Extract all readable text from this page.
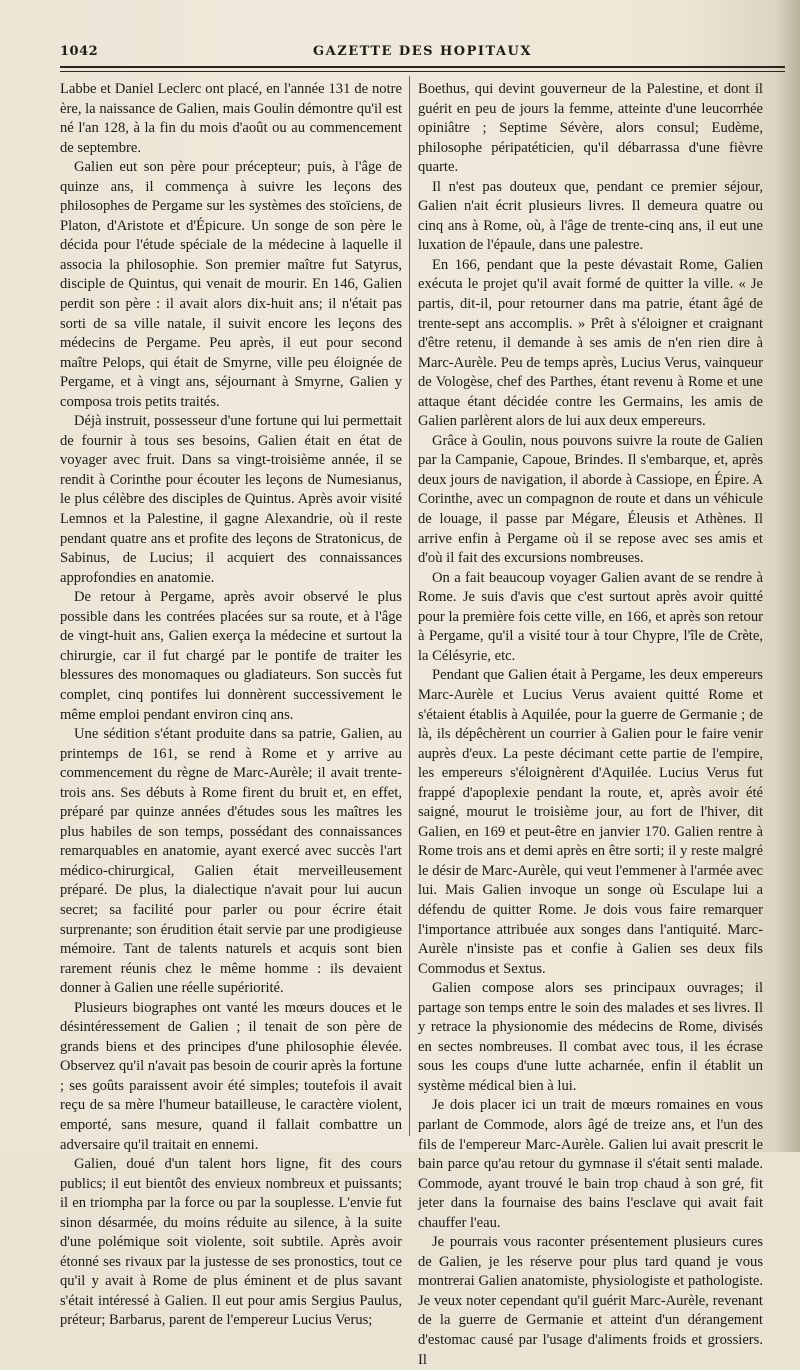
1042	GAZETTE DES HOPITAUX

Labbe et Daniel Leclerc ont placé, en l'année 131 de notre ère, la naissance de Galien, mais Goulin démontre qu'il est né l'an 128, à la fin du mois d'août ou au commencement de septembre.

Galien eut son père pour précepteur; puis, à l'âge de quinze ans, il commença à suivre les leçons des philosophes de Pergame sur les systèmes des stoïciens, de Platon, d'Aristote et d'Épicure. Un songe de son père le décida pour l'étude spéciale de la médecine à laquelle il associa la philosophie. Son premier maître fut Satyrus, disciple de Quintus, qui venait de mourir. En 146, Galien perdit son père : il avait alors dix-huit ans; il n'était pas sorti de sa ville natale, il suivit encore les leçons des médecins de Pergame. Peu après, il eut pour second maître Pelops, qui était de Smyrne, ville peu éloignée de Pergame, et à vingt ans, séjournant à Smyrne, Galien y composa trois petits traités.

Déjà instruit, possesseur d'une fortune qui lui permettait de fournir à tous ses besoins, Galien était en état de voyager avec fruit. Dans sa vingt-troisième année, il se rendit à Corinthe pour écouter les leçons de Numesianus, le plus célèbre des disciples de Quintus. Après avoir visité Lemnos et la Palestine, il gagne Alexandrie, où il reste pendant quatre ans et profite des leçons de Stratonicus, de Sabinus, de Lucius; il acquiert des connaissances approfondies en anatomie.

De retour à Pergame, après avoir observé le plus possible dans les contrées placées sur sa route, et à l'âge de vingt-huit ans, Galien exerça la médecine et surtout la chirurgie, car il fut chargé par le pontife de traiter les blessures des monomaques ou gladiateurs. Son succès fut complet, cinq pontifes lui donnèrent successivement le même emploi pendant environ cinq ans.

Une sédition s'étant produite dans sa patrie, Galien, au printemps de 161, se rend à Rome et y arrive au commencement du règne de Marc-Aurèle; il avait trente-trois ans. Ses débuts à Rome firent du bruit et, en effet, préparé par quinze années d'études sous les maîtres les plus habiles de son temps, possédant des connaissances remarquables en anatomie, ayant exercé avec succès l'art médico-chirurgical, Galien était merveilleusement préparé. De plus, la dialectique n'avait pour lui aucun secret; sa facilité pour parler ou pour écrire était surprenante; son érudition était servie par une prodigieuse mémoire. Tant de talents naturels et acquis sont bien rarement réunis chez le même homme : ils devaient donner à Galien une réelle supériorité.

Plusieurs biographes ont vanté les mœurs douces et le désintéressement de Galien ; il tenait de son père de grands biens et des principes d'une philosophie élevée. Observez qu'il n'avait pas besoin de courir après la fortune ; ses goûts paraissent avoir été simples; toutefois il avait reçu de sa mère l'humeur batailleuse, le caractère violent, emporté, sans mesure, quand il fallait combattre un adversaire qu'il traitait en ennemi.

Galien, doué d'un talent hors ligne, fit des cours publics; il eut bientôt des envieux nombreux et puissants; il en triompha par la force ou par la souplesse. L'envie fut sinon désarmée, du moins réduite au silence, à la suite d'une polémique soit violente, soit subtile. Après avoir étonné ses rivaux par la justesse de ses pronostics, tout ce qu'il y avait à Rome de plus éminent et de plus savant s'était intéressé à Galien. Il eut pour amis Sergius Paulus, préteur; Barbarus, parent de l'empereur Lucius Verus;

Boethus, qui devint gouverneur de la Palestine, et dont il guérit en peu de jours la femme, atteinte d'une leucorrhée opiniâtre ; Septime Sévère, alors consul; Eudème, philosophe péripatéticien, qu'il débarrassa d'une fièvre quarte.

Il n'est pas douteux que, pendant ce premier séjour, Galien n'ait écrit plusieurs livres. Il demeura quatre ou cinq ans à Rome, où, à l'âge de trente-cinq ans, il eut une luxation de l'épaule, dans une palestre.

En 166, pendant que la peste dévastait Rome, Galien exécuta le projet qu'il avait formé de quitter la ville. « Je partis, dit-il, pour retourner dans ma patrie, étant âgé de trente-sept ans accomplis. » Prêt à s'éloigner et craignant d'être retenu, il demande à ses amis de n'en rien dire à Marc-Aurèle. Peu de temps après, Lucius Verus, vainqueur de Vologèse, chef des Parthes, étant revenu à Rome et une attaque étant décidée contre les Germains, les amis de Galien parlèrent alors de lui aux deux empereurs.

Grâce à Goulin, nous pouvons suivre la route de Galien par la Campanie, Capoue, Brindes. Il s'embarque, et, après deux jours de navigation, il aborde à Cassiope, en Épire. A Corinthe, avec un compagnon de route et dans un véhicule de louage, il passe par Mégare, Éleusis et Athènes. Il arrive enfin à Pergame où il se repose avec ses amis et d'où il fait des excursions nombreuses.

On a fait beaucoup voyager Galien avant de se rendre à Rome. Je suis d'avis que c'est surtout après avoir quitté pour la première fois cette ville, en 166, et après son retour à Pergame, qu'il a visité tour à tour Chypre, l'île de Crète, la Célésyrie, etc.

Pendant que Galien était à Pergame, les deux empereurs Marc-Aurèle et Lucius Verus avaient quitté Rome et s'étaient établis à Aquilée, pour la guerre de Germanie ; de là, ils dépêchèrent un courrier à Galien pour le faire venir auprès d'eux. La peste décimant cette partie de l'empire, les empereurs s'éloignèrent d'Aquilée. Lucius Verus fut frappé d'apoplexie pendant la route, et, après avoir été saigné, mourut le troisième jour, au fort de l'hiver, dit Galien, en 169 et peut-être en janvier 170. Galien rentre à Rome trois ans et demi après en être sorti; il y reste malgré le désir de Marc-Aurèle, qui veut l'emmener à l'armée avec lui. Mais Galien invoque un songe où Esculape lui a défendu de quitter Rome. Je dois vous faire remarquer l'importance attribuée aux songes dans l'antiquité. Marc-Aurèle n'insiste pas et confie à Galien ses deux fils Commodus et Sextus.

Galien compose alors ses principaux ouvrages; il partage son temps entre le soin des malades et ses livres. Il y retrace la physionomie des médecins de Rome, divisés en sectes nombreuses. Il combat avec tous, il les écrase sous les coups d'une lutte acharnée, enfin il établit un système médical bien à lui.

Je dois placer ici un trait de mœurs romaines en vous parlant de Commode, alors âgé de treize ans, et l'un des fils de l'empereur Marc-Aurèle. Galien lui avait prescrit le bain parce qu'au retour du gymnase il s'était senti malade. Commode, ayant trouvé le bain trop chaud à son gré, fit jeter dans la fournaise des bains l'esclave qui avait fait chauffer l'eau.

Je pourrais vous raconter présentement plusieurs cures de Galien, je les réserve pour plus tard quand je vous montrerai Galien anatomiste, physiologiste et pathologiste. Je veux noter cependant qu'il guérit Marc-Aurèle, revenant de la guerre de Germanie et atteint d'un dérangement d'estomac causé par l'usage d'aliments froids et grossiers. Il
